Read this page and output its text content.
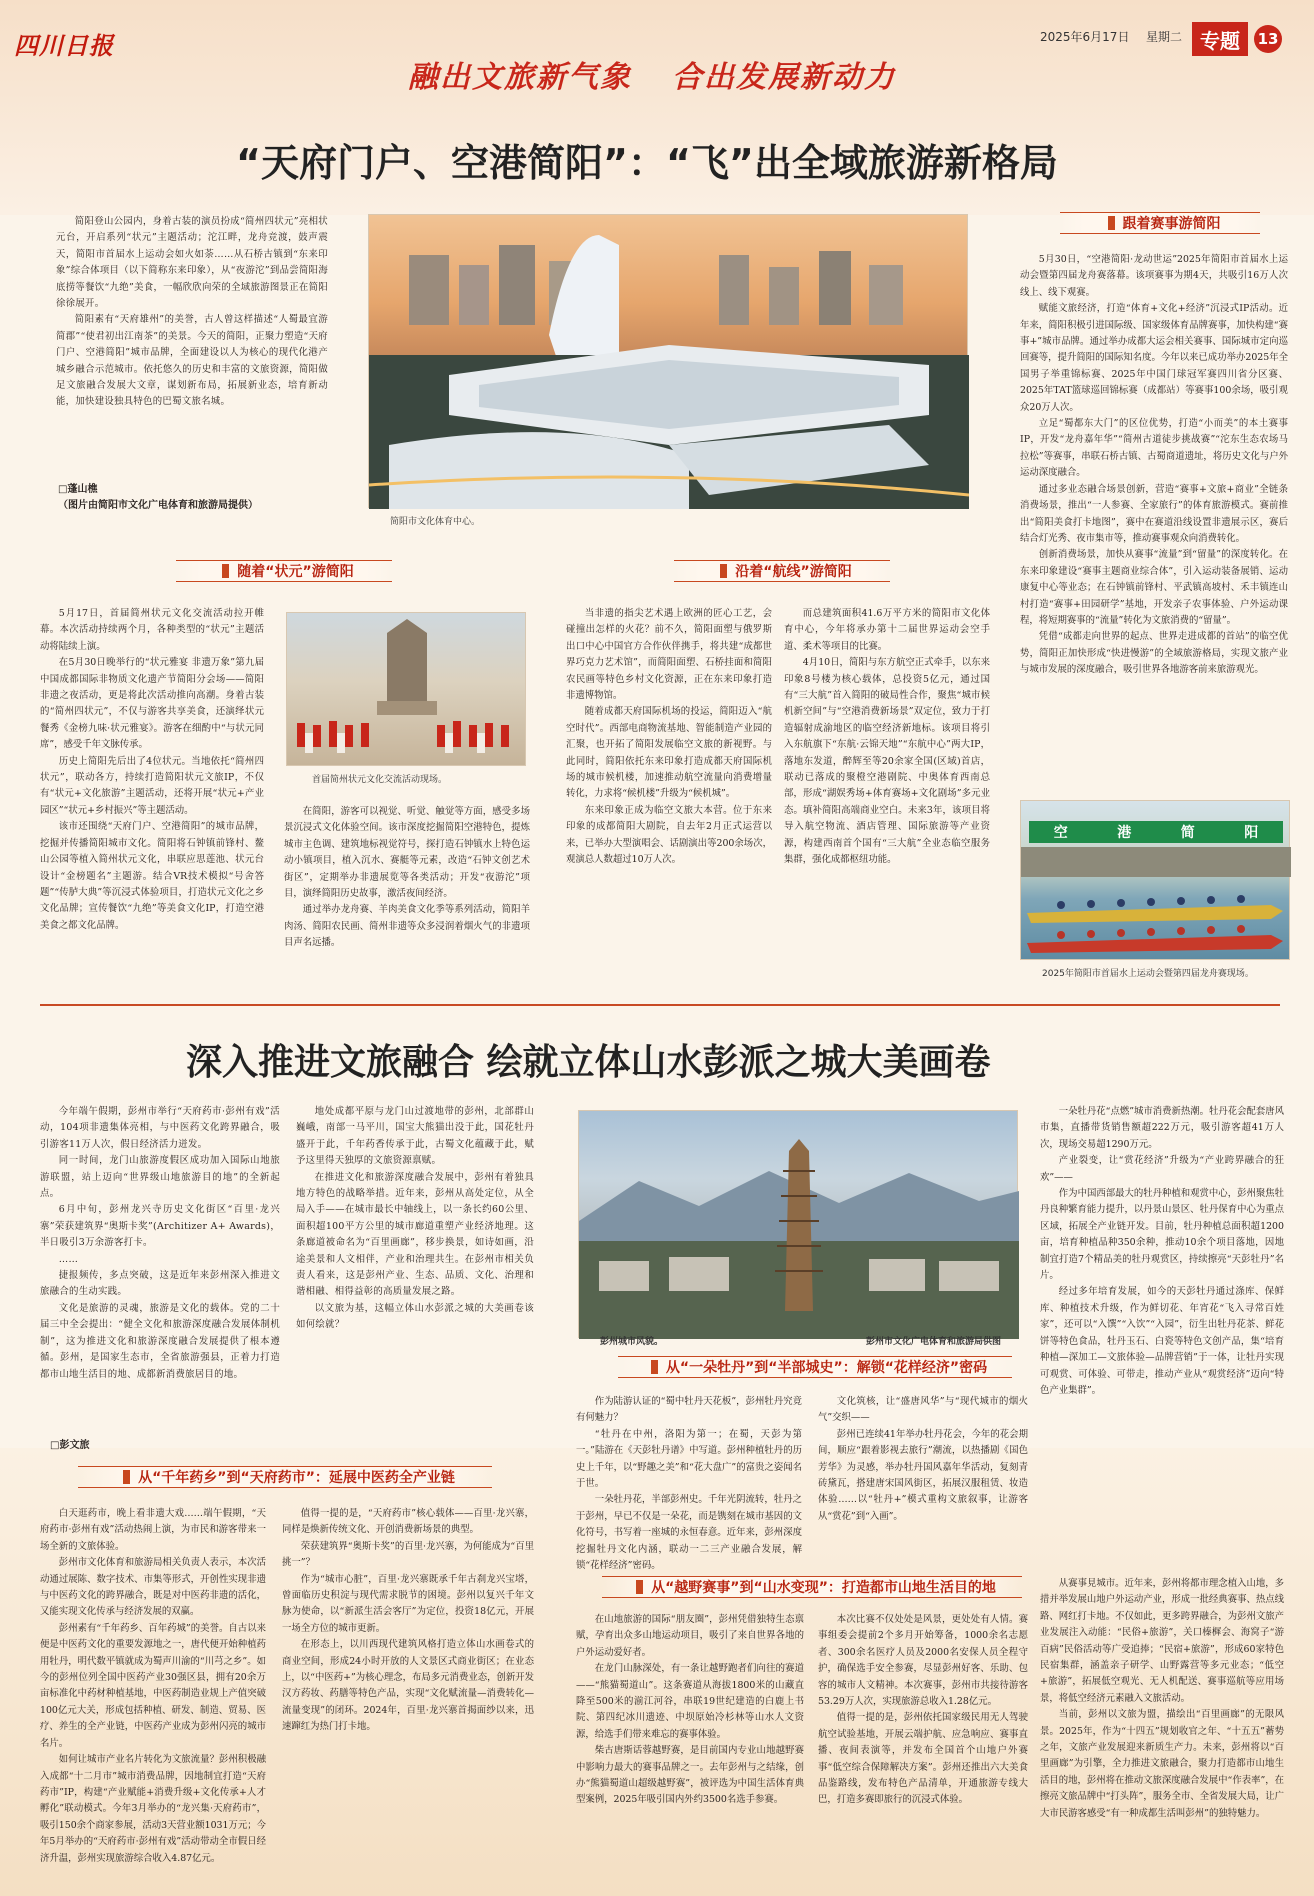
四川日报	2025年6月17日 星期二 专题 13
融出文旅新气象 合出发展新动力
“天府门户、空港简阳”：“飞”出全域旅游新格局

简阳登山公园内，身着古装的演员扮成“简州四状元”亮相状元台，开启系列“状元”主题活动；沱江畔，龙舟竞渡，鼓声震天，简阳市首届水上运动会如火如荼……从石桥古镇到“东来印象”综合体项目（以下简称东来印象），从“夜游沱”到品尝简阳海底捞等餐饮“九绝”美食，一幅欣欣向荣的全域旅游图景正在简阳徐徐展开。

简阳素有“天府雄州”的美誉，古人曾这样描述“人蜀最宜游简郡”“使君初出江南茶”的美景。今天的简阳，正聚力塑造“天府门户、空港简阳”城市品牌，全面建设以人为核心的现代化港产城乡融合示范城市。依托悠久的历史和丰富的文旅资源，简阳做足文旅融合发展大文章，谋划新布局，拓展新业态，培育新动能，加快建设独具特色的巴蜀文旅名城。

□蓬山樵
（图片由简阳市文化广电体育和旅游局提供）
简阳市文化体育中心。
随着“状元”游简阳	沿着“航线”游简阳
跟着赛事游简阳

5月17日，首届简州状元文化交流活动拉开帷幕。本次活动持续两个月，各种类型的“状元”主题活动将陆续上演。

在5月30日晚举行的“状元雅宴 非遗万象”第九届中国成都国际非物质文化遗产节简阳分会场——简阳非遗之夜活动，更是将此次活动推向高潮。身着古装的“简州四状元”，不仅与游客共享美食，还演绎状元餐秀《金榜九味·状元雅宴》。游客在细酌中“与状元同席”，感受千年文脉传承。

历史上简阳先后出了4位状元。当地依托“简州四状元”，联动各方，持续打造简阳状元文旅IP，不仅有“状元+文化旅游”主题活动，还将开展“状元+产业园区”“状元+乡村振兴”等主题活动。

该市还围绕“天府门户、空港简阳”的城市品牌，挖掘并传播简阳城市文化。简阳将石钟镇前锋村、鳌山公园等植入简州状元文化，串联应思莲池、状元台设计“金榜题名”主题游。结合VR技术模拟“号舍答题”“传胪大典”等沉浸式体验项目，打造状元文化之乡文化品牌；宣传餐饮“九绝”等美食文化IP，打造空港美食之都文化品牌。

首届简州状元文化交流活动现场。

在简阳，游客可以视觉、听觉、触觉等方面，感受多场景沉浸式文化体验空间。该市深度挖掘简阳空港特色，提炼城市主色调、建筑地标视觉符号，探打造石钟镇水上特色运动小镇项目，植入沉水、赛艇等元素，改造“石钟文创艺术街区”，定期举办非遗展览等各类活动；开发“夜游沱”项目，演绎简阳历史故事，激活夜间经济。

通过举办龙舟赛、羊肉美食文化季等系列活动，简阳羊肉汤、简阳农民画、简州非遗等众多浸润着烟火气的非遗项目声名远播。

当非遗的指尖艺术遇上欧洲的匠心工艺，会碰撞出怎样的火花？前不久，简阳面塑与俄罗斯出口中心中国官方合作伙伴携手，将共建“成都世界巧克力艺术馆”，而简阳面塑、石桥挂面和简阳农民画等特色乡村文化资源，正在东来印象打造非遗博物馆。

随着成都天府国际机场的投运，简阳迈入“航空时代”。西部电商物流基地、智能制造产业园的汇聚，也开拓了简阳发展临空文旅的新视野。与此同时，简阳依托东来印象打造成都天府国际机场的城市候机楼，加速推动航空流量向消费增量转化，力求将“候机楼”升级为“候机城”。

东来印象正成为临空文旅大本营。位于东来印象的成都简阳大剧院，自去年2月正式运营以来，已举办大型演唱会、话剧演出等200余场次，观演总人数超过10万人次。

而总建筑面积41.6万平方米的简阳市文化体育中心，今年将承办第十二届世界运动会空手道、柔术等项目的比赛。

4月10日，简阳与东方航空正式牵手，以东来印象8号楼为核心载体，总投资5亿元，通过国有“三大航”首入简阳的破局性合作，聚焦“城市候机新空间”与“空港消费新场景”双定位，致力于打造辐射成渝地区的临空经济新地标。该项目将引入东航旗下“东航·云锦天地”“东航中心”两大IP，落地东发道，醉辉至等20余家全国(区域)首店，联动已落成的聚橙空港剧院、中奥体育西南总部，形成“湖娱秀场+体育赛场+文化剧场”多元业态。填补简阳高端商业空白。未来3年，该项目将导入航空物流、酒店管理、国际旅游等产业资源，构建西南首个国有“三大航”全业态临空服务集群，强化成都枢纽功能。

5月30日，“空港简阳·龙动世运”2025年简阳市首届水上运动会暨第四届龙舟赛落幕。该项赛事为期4天，共吸引16万人次线上、线下观赛。

赋能文旅经济，打造“体育+文化+经济”沉浸式IP活动。近年来，简阳积极引进国际级、国家级体育品牌赛事，加快构建“赛事+”城市品牌。通过举办成都大运会相关赛事、国际城市定向巡回赛等，提升简阳的国际知名度。今年以来已成功举办2025年全国男子举重锦标赛、2025年中国门球冠军赛四川省分区赛、2025年TAT篮球巡回锦标赛（成都站）等赛事100余场，吸引观众20万人次。

立足“蜀都东大门”的区位优势，打造“小而美”的本土赛事IP，开发“龙舟嘉年华”“简州古道徒步挑战赛”“沱东生态农场马拉松”等赛事，串联石桥古镇、古蜀商道遗址，将历史文化与户外运动深度融合。

通过多业态融合场景创新，营造“赛事+文旅+商业”全链条消费场景，推出“一人参赛、全家旅行”的体育旅游模式。赛前推出“简阳美食打卡地图”，赛中在赛道沿线设置非遗展示区，赛后结合灯光秀、夜市集市等，推动赛事观众向消费转化。

创新消费场景，加快从赛事“流量”到“留量”的深度转化。在东来印象建设“赛事主题商业综合体”，引入运动装备展销、运动康复中心等业态；在石钟镇前锋村、平武镇高坡村、禾丰镇连山村打造“赛事+田园研学”基地，开发亲子农事体验、户外运动课程，将短期赛事的“流量”转化为文旅消费的“留量”。

凭借“成都走向世界的起点、世界走进成都的首站”的临空优势，简阳正加快形成“快进慢游”的全域旅游格局，实现文旅产业与城市发展的深度融合，吸引世界各地游客前来旅游观光。

空	港	简	阳
2025年简阳市首届水上运动会暨第四届龙舟赛现场。
深入推进文旅融合 绘就立体山水彭派之城大美画卷

今年端午假期，彭州市举行“天府药市·彭州有戏”活动，104项非遗集体亮相，与中医药文化跨界融合，吸引游客11万人次，假日经济活力迸发。

同一时间，龙门山旅游度假区成功加入国际山地旅游联盟，站上迈向“世界级山地旅游目的地”的全新起点。

6月中旬，彭州龙兴寺历史文化街区“百里·龙兴寨”荣获建筑界“奥斯卡奖”(Architizer A+ Awards)，半日吸引3万余游客打卡。

……

捷报频传，多点突破，这是近年来彭州深入推进文旅融合的生动实践。

文化是旅游的灵魂，旅游是文化的载体。党的二十届三中全会提出：“健全文化和旅游深度融合发展体制机制”，这为推进文化和旅游深度融合发展提供了根本遵循。彭州，是国家生态市，全省旅游强县，正着力打造都市山地生活目的地、成都新消费旅居目的地。

□彭文旅

地处成都平原与龙门山过渡地带的彭州，北部群山巍峨，南部一马平川，国宝大熊猫出没于此，国花牡丹盛开于此，千年药香传承于此，古蜀文化蕴藏于此，赋予这里得天独厚的文旅资源禀赋。

在推进文化和旅游深度融合发展中，彭州有着独具地方特色的战略举措。近年来，彭州从高处定位，从全局入手——在城市最长中轴线上，以一条长约60公里、面积超100平方公里的城市廊道重塑产业经济地理。这条廊道被命名为“百里画廊”，移步换景，如诗如画，沿途美景和人文相伴，产业和治理共生。在彭州市相关负责人看来，这是彭州产业、生态、品质、文化、治理和谐相融、相得益彰的高质量发展之路。

以文旅为基，这幅立体山水彭派之城的大美画卷该如何绘就？

彭州城市风貌。	彭州市文化广电体育和旅游局供图
从“千年药乡”到“天府药市”：延展中医药全产业链
从“一朵牡丹”到“半部城史”：解锁“花样经济”密码
从“越野赛事”到“山水变现”：打造都市山地生活目的地

白天逛药市，晚上看非遗大戏……端午假期，“天府药市·彭州有戏”活动热闹上演，为市民和游客带来一场全新的文旅体验。

彭州市文化体育和旅游局相关负责人表示，本次活动通过展陈、数字技术、市集等形式，开创性实现非遗与中医药文化的跨界融合，既是对中医药非遗的活化，又能实现文化传承与经济发展的双赢。

彭州素有“千年药乡、百年药城”的美誉。自古以来便是中医药文化的重要发源地之一，唐代便开始种植药用牡丹，明代数平镇就成为蜀声川渝的“川芎之乡”。如今的彭州位列全国中医药产业30强区县，拥有20余万亩标准化中药材种植基地，中医药制造业规上产值突破100亿元大关，形成包括种植、研发、制造、贸易、医疗、养生的全产业链，中医药产业成为彭州闪亮的城市名片。

如何让城市产业名片转化为文旅流量？彭州积极融入成都“十二月市”城市消费品牌，因地制宜打造“天府药市”IP，构建“产业赋能+消费升级+文化传承+人才孵化”联动模式。今年3月举办的“龙兴集·天府药市”，吸引150余个商家参展，活动3天营业额1031万元；今年5月举办的“天府药市·彭州有戏”活动带动全市假日经济升温，彭州实现旅游综合收入4.87亿元。

值得一提的是，“天府药市”核心载体——百里·龙兴寨，同样是焕新传统文化、开创消费新场景的典型。

荣获建筑界“奥斯卡奖”的百里·龙兴寨，为何能成为“百里挑一”？

作为“城市心脏”，百里·龙兴寨既承千年古刹龙兴宝塔，曾面临历史积淀与现代需求脱节的困境。彭州以复兴千年文脉为使命，以“新派生活会客厅”为定位，投资18亿元，开展一场全方位的城市更新。

在形态上，以川西现代建筑风格打造立体山水画卷式的商业空间，形成24小时开放的人文景区式商业街区；在业态上，以“中医药+”为核心理念，布局多元消费业态，创新开发汉方药妆、药膳等特色产品，实现“文化赋流量—消费转化—流量变现”的闭环。2024年，百里·龙兴寨首揭面纱以来，迅速蹿红为热门打卡地。

作为陆游认证的“蜀中牡丹天花板”，彭州牡丹究竟有何魅力？

“牡丹在中州，洛阳为第一；在蜀，天彭为第一。”陆游在《天彭牡丹谱》中写道。彭州种植牡丹的历史上千年，以“野趣之美”和“花大盘广”的富贵之姿闻名于世。

一朵牡丹花，半部彭州史。千年光阴流转，牡丹之于彭州，早已不仅是一朵花，而是镌刻在城市基因的文化符号，书写着一座城的永恒春意。近年来，彭州深度挖掘牡丹文化内涵，联动一二三产业融合发展，解锁“花样经济”密码。

文化筑核，让“盛唐风华”与“现代城市的烟火气”交织——

彭州已连续41年举办牡丹花会，今年的花会期间，顺应“跟着影视去旅行”潮流，以热播剧《国色芳华》为灵感，举办牡丹国风嘉年华活动，复刻青砖黛瓦，搭建唐宋国风街区，拓展汉服租赁、妆造体验……以“牡丹+”模式重构文旅叙事，让游客从“赏花”到“入画”。

一朵牡丹花“点燃”城市消费新热潮。牡丹花会配套唐风市集，直播带货销售额超222万元，吸引游客超41万人次，现场交易超1290万元。

产业裂变，让“赏花经济”升级为“产业跨界融合的狂欢”——

作为中国西部最大的牡丹种植和观赏中心，彭州聚焦牡丹良种繁育能力提升，以丹景山景区、牡丹保育中心为重点区域，拓展全产业链开发。目前，牡丹种植总面积超1200亩，培育种植品种350余种，推动10余个项目落地，因地制宜打造7个精品美的牡丹观赏区，持续擦亮“天彭牡丹”名片。

经过多年培育发展，如今的天彭牡丹通过涤库、保鲜库、种植技术升级，作为鲜切花、年宵花“飞入寻常百姓家”，还可以“入馔”“入饮”“入园”，衍生出牡丹花茶、鲜花饼等特色食品，牡丹玉石、白瓷等特色文创产品，集“培育种植—深加工—文旅体验—品牌营销”于一体，让牡丹实现可观赏、可体验、可带走，推动产业从“观赏经济”迈向“特色产业集群”。

在山地旅游的国际“朋友圈”，彭州凭借独特生态禀赋，孕育出众多山地运动项目，吸引了来自世界各地的户外运动爱好者。

在龙门山脉深处，有一条让越野跑者们向往的赛道——“熊猫蜀道山”。这条赛道从海拔1800米的山藏直降至500米的湔江河谷，串联19世纪建造的白鹿上书院、第四纪冰川遗迹、中坝原始冷杉林等山水人文资源，给选手们带来难忘的赛事体验。

柴古唐斯话蓉越野赛，是目前国内专业山地越野赛中影响力最大的赛事品牌之一。去年彭州与之结缘，创办“熊猫蜀道山超级越野赛”，被评选为中国生活体育典型案例，2025年吸引国内外约3500名选手参赛。

本次比赛不仅处处是风景，更处处有人情。赛事组委会提前2个多月开始筹备，1000余名志愿者、300余名医疗人员及2000名安保人员全程守护，确保选手安全参赛，尽显彭州好客、乐助、包容的城市人文精神。本次赛事，彭州市共接待游客53.29万人次，实现旅游总收入1.28亿元。

值得一提的是，彭州依托国家级民用无人驾驶航空试验基地，开展云端护航、应急响应、赛事直播、夜间表演等，并发布全国首个山地户外赛事“低空综合保障解决方案”。彭州还推出六大美食品鉴路线，发布特色产品清单，开通旅游专线大巴，打造多赛即旅行的沉浸式体验。

从赛事見城市。近年来，彭州将都市理念植入山地，多措并举发展山地户外运动产业，形成一批经典赛事、热点线路、网红打卡地。不仅如此，更多跨界融合，为彭州文旅产业发展注入动能：“民俗+旅游”，关口榛樨会、海窝子“游百病”民俗活动等广受追捧；“民宿+旅游”，形成60家特色民宿集群，涵盖亲子研学、山野露营等多元业态；“低空+旅游”，拓展低空观光、无人机配送、赛事巡航等应用场景，将低空经济元素融入文旅活动。

当前，彭州以文旅为盟，描绘出“百里画廊”的无限风景。2025年，作为“十四五”规划收官之年、“十五五”蓄势之年，文旅产业发展迎来新质生产力。未来，彭州将以“百里画廊”为引擎，全力推进文旅融合，聚力打造都市山地生活目的地，彭州将在推动文旅深度融合发展中“作表率”，在擦亮文旅品牌中“打头阵”，服务全市、全省发展大局，让广大市民游客感受“有一种成都生活叫彭州”的独特魅力。
